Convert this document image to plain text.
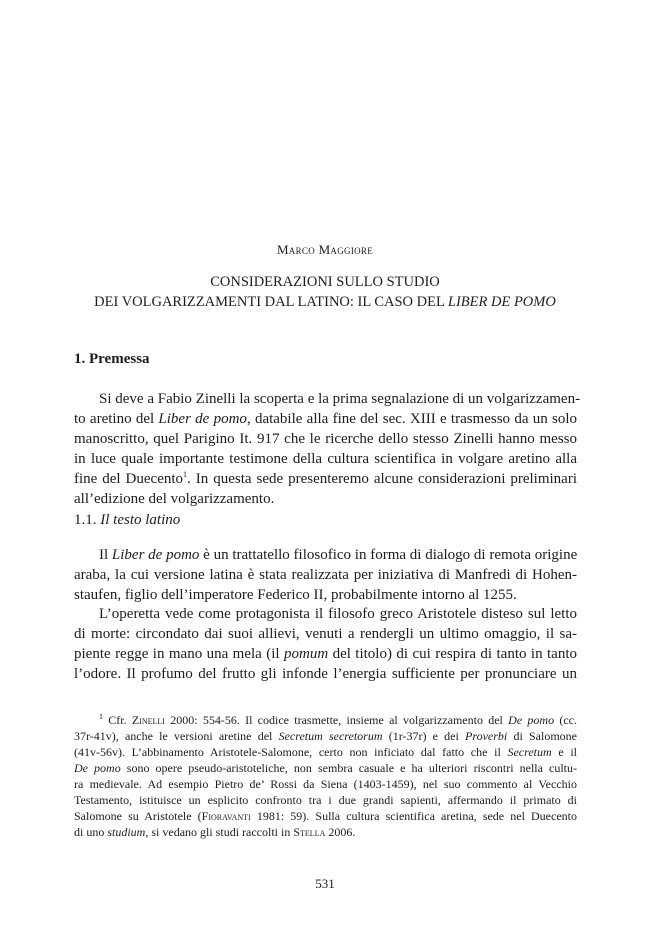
Marco Maggiore
CONSIDERAZIONI SULLO STUDIO
DEI VOLGARIZZAMENTI DAL LATINO: IL CASO DEL LIBER DE POMO
1. Premessa
Si deve a Fabio Zinelli la scoperta e la prima segnalazione di un volgarizzamen-
to aretino del Liber de pomo, databile alla fine del sec. XIII e trasmesso da un solo
manoscritto, quel Parigino It. 917 che le ricerche dello stesso Zinelli hanno messo
in luce quale importante testimone della cultura scientifica in volgare aretino alla
fine del Duecento$^1$. In questa sede presenteremo alcune considerazioni preliminari
all’edizione del volgarizzamento.
1.1. Il testo latino
Il Liber de pomo è un trattatello filosofico in forma di dialogo di remota origine
araba, la cui versione latina è stata realizzata per iniziativa di Manfredi di Hohen-
staufen, figlio dell’imperatore Federico II, probabilmente intorno al 1255.
L’operetta vede come protagonista il filosofo greco Aristotele disteso sul letto
di morte: circondato dai suoi allievi, venuti a rendergli un ultimo omaggio, il sa-
piente regge in mano una mela (il pomum del titolo) di cui respira di tanto in tanto
l’odore. Il profumo del frutto gli infonde l’energia sufficiente per pronunciare un
$^1$ Cfr. Zinelli 2000: 554-56. Il codice trasmette, insieme al volgarizzamento del De pomo (cc.
37r-41v), anche le versioni aretine del Secretum secretorum (1r-37r) e dei Proverbi di Salomone
(41v-56v). L’abbinamento Aristotele-Salomone, certo non inficiato dal fatto che il Secretum e il
De pomo sono opere pseudo-aristoteliche, non sembra casuale e ha ulteriori riscontri nella cultu-
ra medievale. Ad esempio Pietro de’ Rossi da Siena (1403-1459), nel suo commento al Vecchio
Testamento, istituisce un esplicito confronto tra i due grandi sapienti, affermando il primato di
Salomone su Aristotele (Fioravanti 1981: 59). Sulla cultura scientifica aretina, sede nel Duecento
di uno studium, si vedano gli studi raccolti in Stella 2006.
531
